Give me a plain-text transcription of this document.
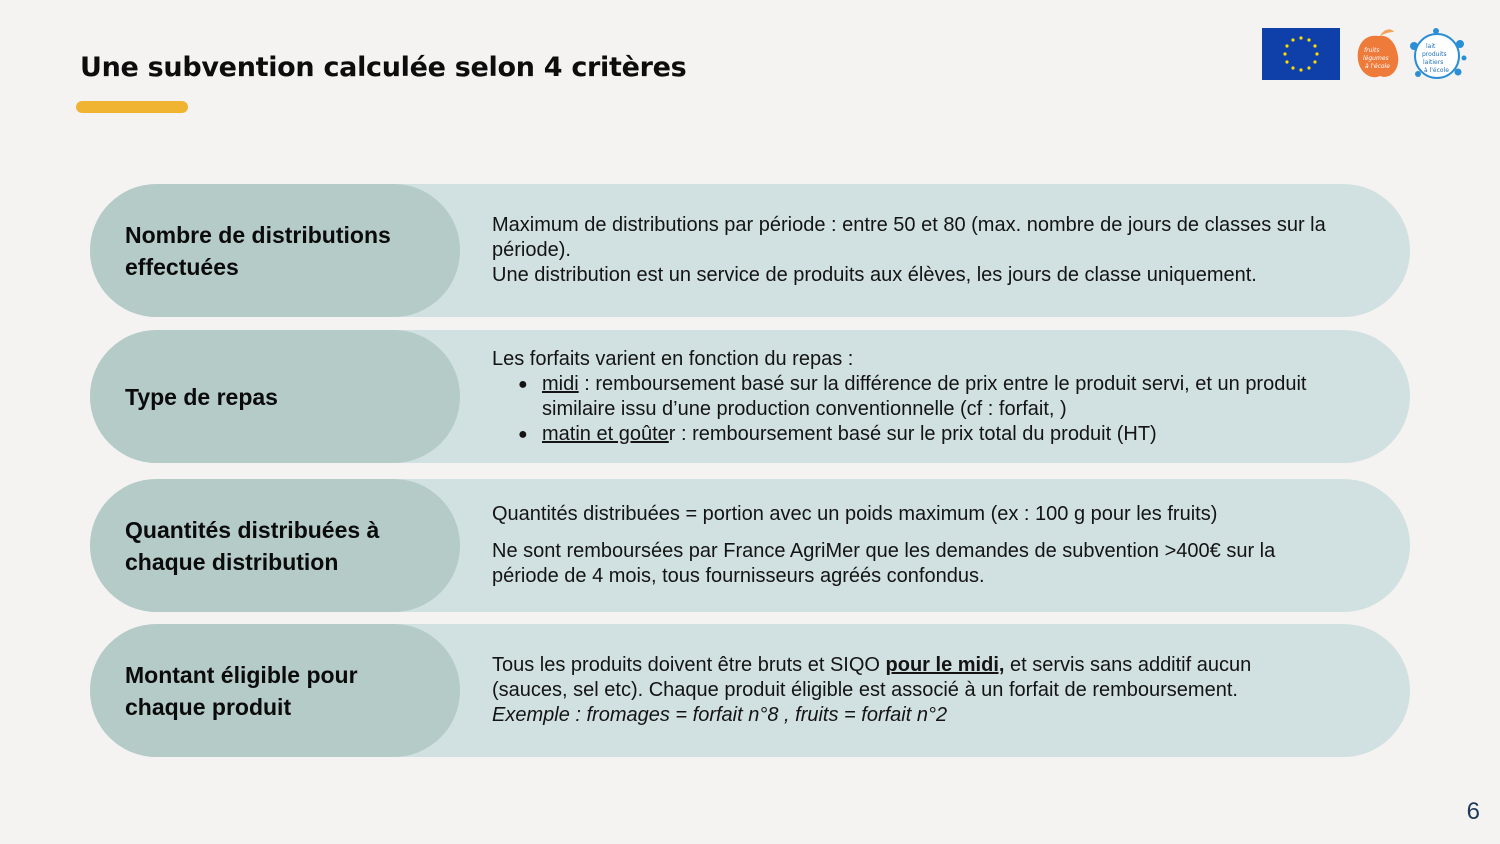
Une subvention calculée selon 4 critères
fruits
légumes
à l'école
lait
produits
laitiers
à l'école
Nombre de distributions effectuées

Maximum de distributions par période : entre 50 et 80 (max. nombre de jours de classes sur la période).

Une distribution est un service de produits aux élèves, les jours de classe uniquement.

Type de repas

Les forfaits varient en fonction du repas :

● midi : remboursement basé sur la différence de prix entre le produit servi, et un produit similaire issu d’une production conventionnelle (cf : forfait, )
● matin et goûter : remboursement basé sur le prix total du produit (HT)
Quantités distribuées à chaque distribution

Quantités distribuées = portion avec un poids maximum (ex : 100 g pour les fruits)

Ne sont remboursées par France AgriMer que les demandes de subvention >400€ sur la période de 4 mois, tous fournisseurs agréés confondus.

Montant éligible pour chaque produit

Tous les produits doivent être bruts et SIQO pour le midi, et servis sans additif aucun (sauces, sel etc). Chaque produit éligible est associé à un forfait de remboursement.

Exemple : fromages = forfait n°8 , fruits = forfait n°2

6
